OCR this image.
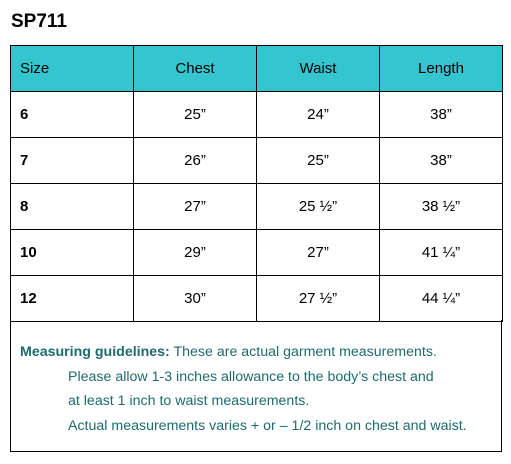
SP711
Size	Chest	Waist	Length
6	25”	24”	38”
7	26”	25”	38”
8	27”	25 ½”	38 ½”
10	29”	27”	41 ¼”
12	30”	27 ½”	44 ¼”
Measuring guidelines: These are actual garment measurements.
Please allow 1-3 inches allowance to the body’s chest and
at least 1 inch to waist measurements.
Actual measurements varies + or – 1/2 inch on chest and waist.
